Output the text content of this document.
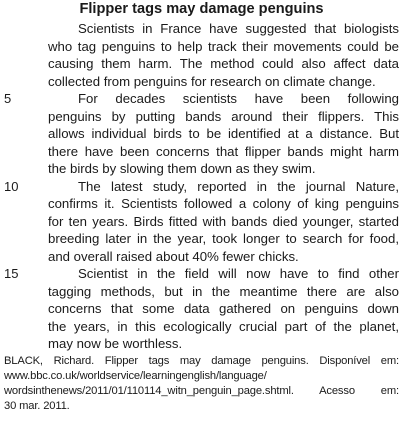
Flipper tags may damage penguins
Scientists in France have suggested that biologists
who tag penguins to help track their movements could be
causing them harm. The method could also affect data
collected from penguins for research on climate change.
5	For decades scientists have been following
penguins by putting bands around their flippers. This
allows individual birds to be identified at a distance. But
there have been concerns that flipper bands might harm
the birds by slowing them down as they swim.
10	The latest study, reported in the journal Nature,
confirms it. Scientists followed a colony of king penguins
for ten years. Birds fitted with bands died younger, started
breeding later in the year, took longer to search for food,
and overall raised about 40% fewer chicks.
15	Scientist in the field will now have to find other
tagging methods, but in the meantime there are also
concerns that some data gathered on penguins down
the years, in this ecologically crucial part of the planet,
may now be worthless.
BLACK, Richard. Flipper tags may damage penguins. Disponível em:
www.bbc.co.uk/worldservice/learningenglish/language/
wordsinthenews/2011/01/110114_witn_penguin_page.shtml. Acesso em:
30 mar. 2011.
